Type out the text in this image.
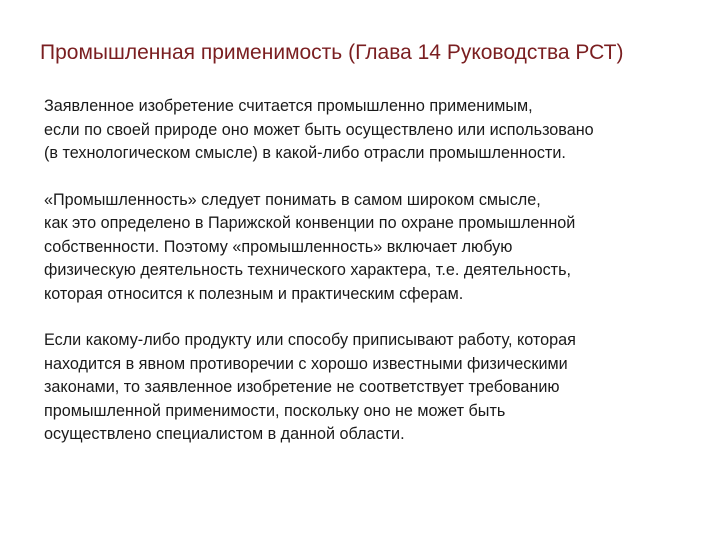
Промышленная применимость (Глава 14 Руководства РСТ)

Заявленное изобретение считается промышленно применимым,
если по своей природе оно может быть осуществлено или использовано
(в технологическом смысле) в какой-либо отрасли промышленности.

«Промышленность» следует понимать в самом широком смысле,
как это определено в Парижской конвенции по охране промышленной
собственности. Поэтому «промышленность» включает любую
физическую деятельность технического характера, т.е. деятельность,
которая относится к полезным и практическим сферам.

Если какому-либо продукту или способу приписывают работу, которая
находится в явном противоречии с хорошо известными физическими
законами, то заявленное изобретение не соответствует требованию
промышленной применимости, поскольку оно не может быть
осуществлено специалистом в данной области.
